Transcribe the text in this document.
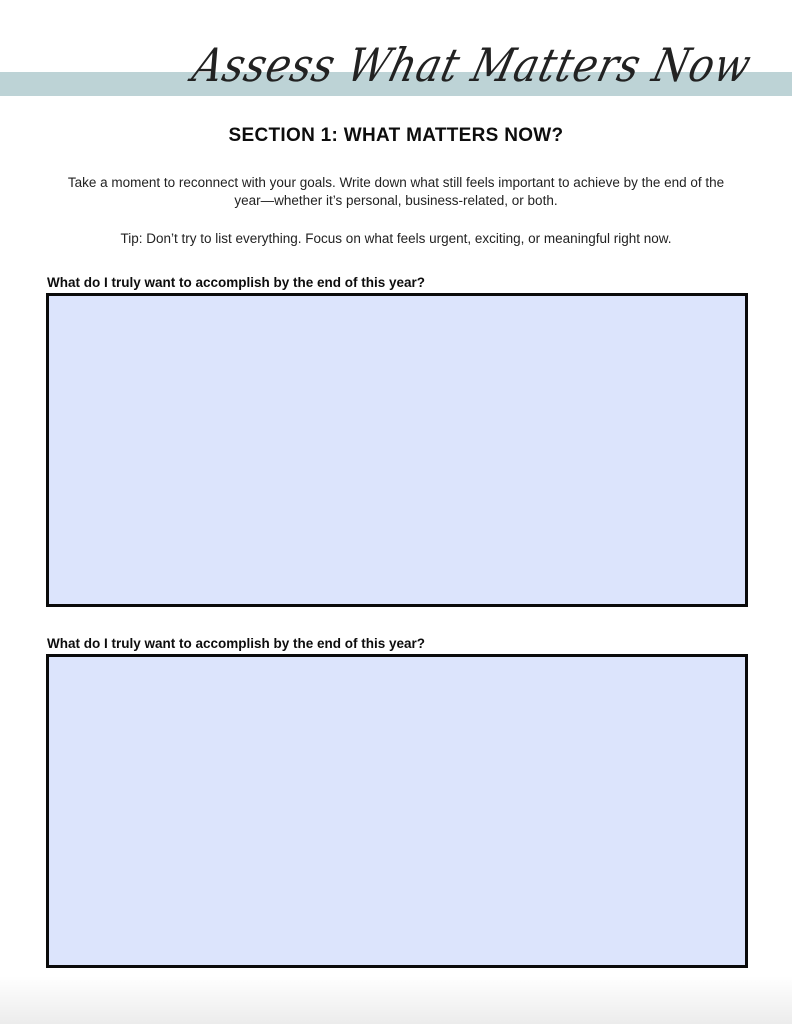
Assess What Matters Now
SECTION 1: WHAT MATTERS NOW?
Take a moment to reconnect with your goals. Write down what still feels important to achieve by the end of the year—whether it’s personal, business-related, or both.
Tip: Don’t try to list everything. Focus on what feels urgent, exciting, or meaningful right now.
What do I truly want to accomplish by the end of this year?
What do I truly want to accomplish by the end of this year?
